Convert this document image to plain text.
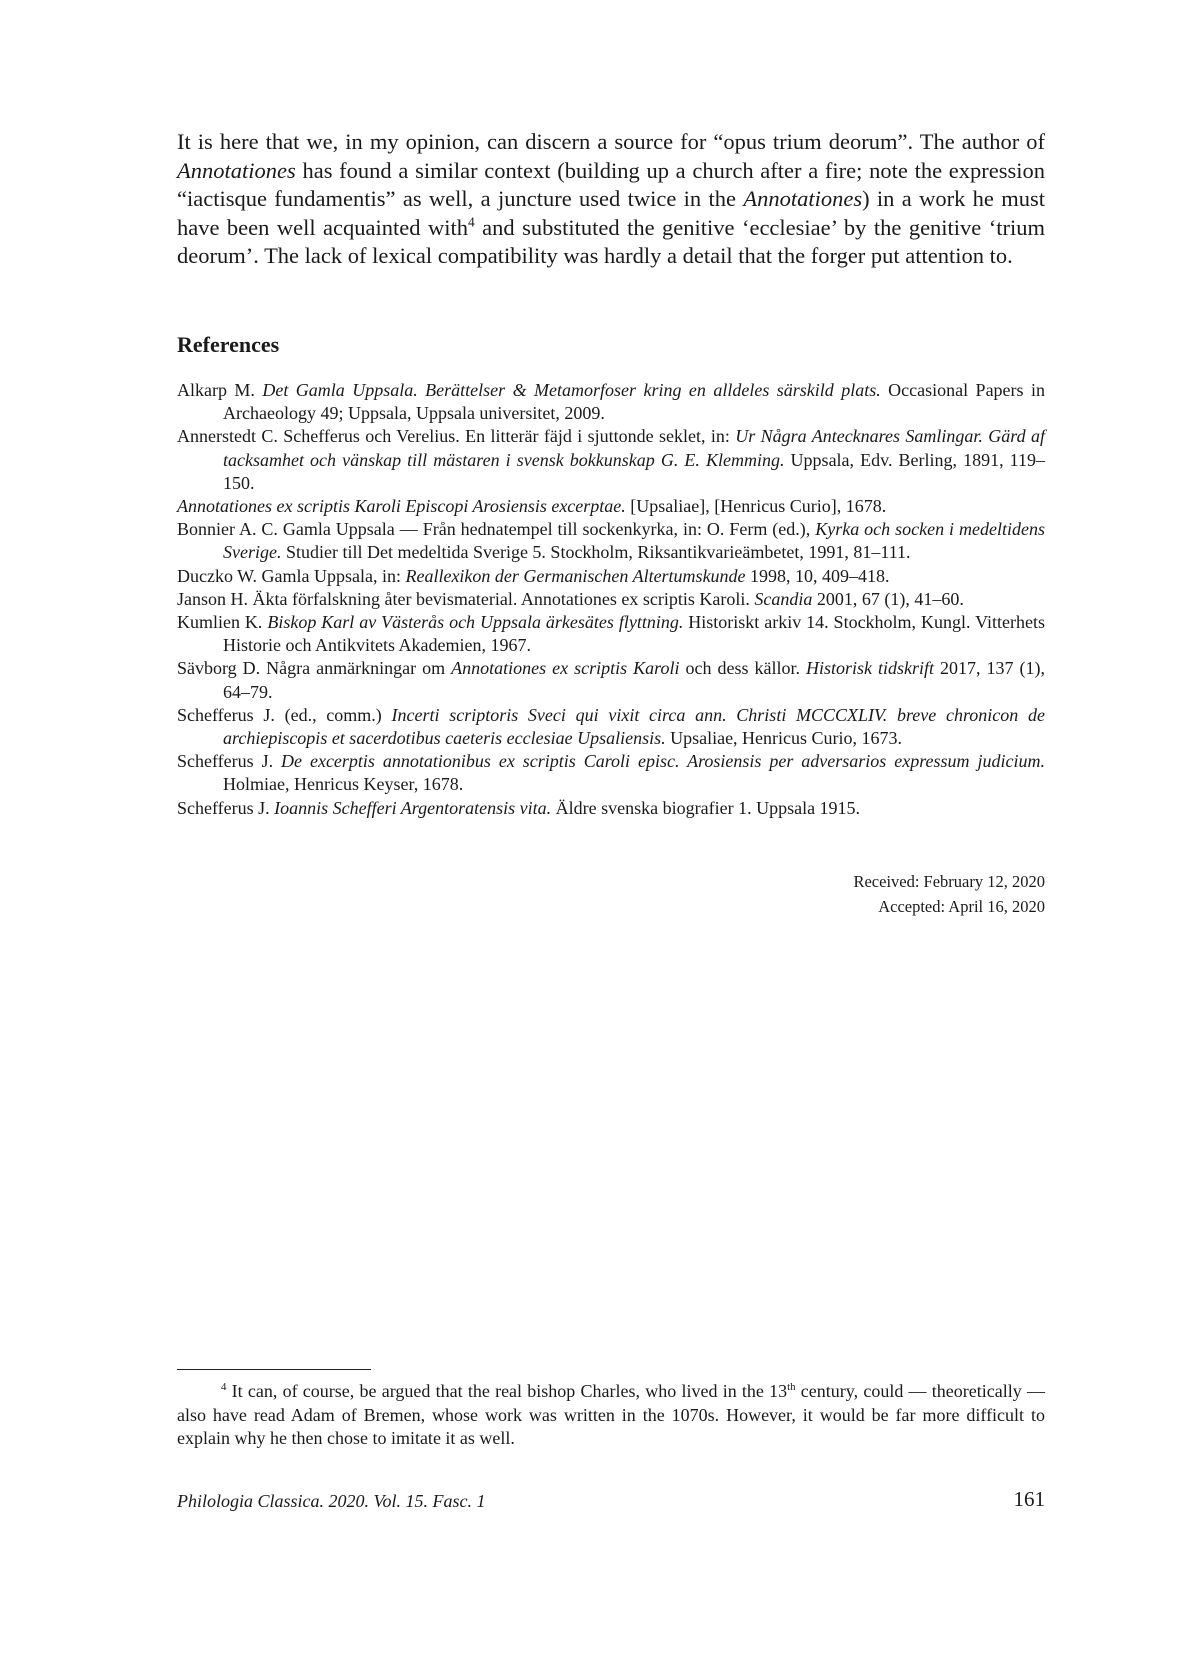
It is here that we, in my opinion, can discern a source for “opus trium deorum”. The author of Annotationes has found a similar context (building up a church after a fire; note the expression “iactisque fundamentis” as well, a juncture used twice in the Annotationes) in a work he must have been well acquainted with$^4$ and substituted the genitive ‘ecclesiae’ by the genitive ‘trium deorum’. The lack of lexical compatibility was hardly a detail that the forger put attention to.

References
Alkarp M. Det Gamla Uppsala. Berättelser & Metamorfoser kring en alldeles särskild plats. Occasional Papers in Archaeology 49; Uppsala, Uppsala universitet, 2009.
Annerstedt C. Schefferus och Verelius. En litterär fäjd i sjuttonde seklet, in: Ur Några Antecknares Samlingar. Gärd af tacksamhet och vänskap till mästaren i svensk bokkunskap G. E. Klemming. Uppsala, Edv. Berling, 1891, 119–150.
Annotationes ex scriptis Karoli Episcopi Arosiensis excerptae. [Upsaliae], [Henricus Curio], 1678.
Bonnier A. C. Gamla Uppsala — Från hednatempel till sockenkyrka, in: O. Ferm (ed.), Kyrka och socken i medeltidens Sverige. Studier till Det medeltida Sverige 5. Stockholm, Riksantikvarieämbetet, 1991, 81–111.
Duczko W. Gamla Uppsala, in: Reallexikon der Germanischen Altertumskunde 1998, 10, 409–418.
Janson H. Äkta förfalskning åter bevismaterial. Annotationes ex scriptis Karoli. Scandia 2001, 67 (1), 41–60.
Kumlien K. Biskop Karl av Västerås och Uppsala ärkesätes flyttning. Historiskt arkiv 14. Stockholm, Kungl. Vitterhets Historie och Antikvitets Akademien, 1967.
Sävborg D. Några anmärkningar om Annotationes ex scriptis Karoli och dess källor. Historisk tidskrift 2017, 137 (1), 64–79.
Schefferus J. (ed., comm.) Incerti scriptoris Sveci qui vixit circa ann. Christi MCCCXLIV. breve chronicon de archiepiscopis et sacerdotibus caeteris ecclesiae Upsaliensis. Upsaliae, Henricus Curio, 1673.
Schefferus J. De excerptis annotationibus ex scriptis Caroli episc. Arosiensis per adversarios expressum judicium. Holmiae, Henricus Keyser, 1678.
Schefferus J. Ioannis Schefferi Argentoratensis vita. Äldre svenska biografier 1. Uppsala 1915.
Received: February 12, 2020
Accepted: April 16, 2020

$^4$ It can, of course, be argued that the real bishop Charles, who lived in the 13th century, could — theoretically — also have read Adam of Bremen, whose work was written in the 1070s. However, it would be far more difficult to explain why he then chose to imitate it as well.

Philologia Classica. 2020. Vol. 15. Fasc. 1	161
